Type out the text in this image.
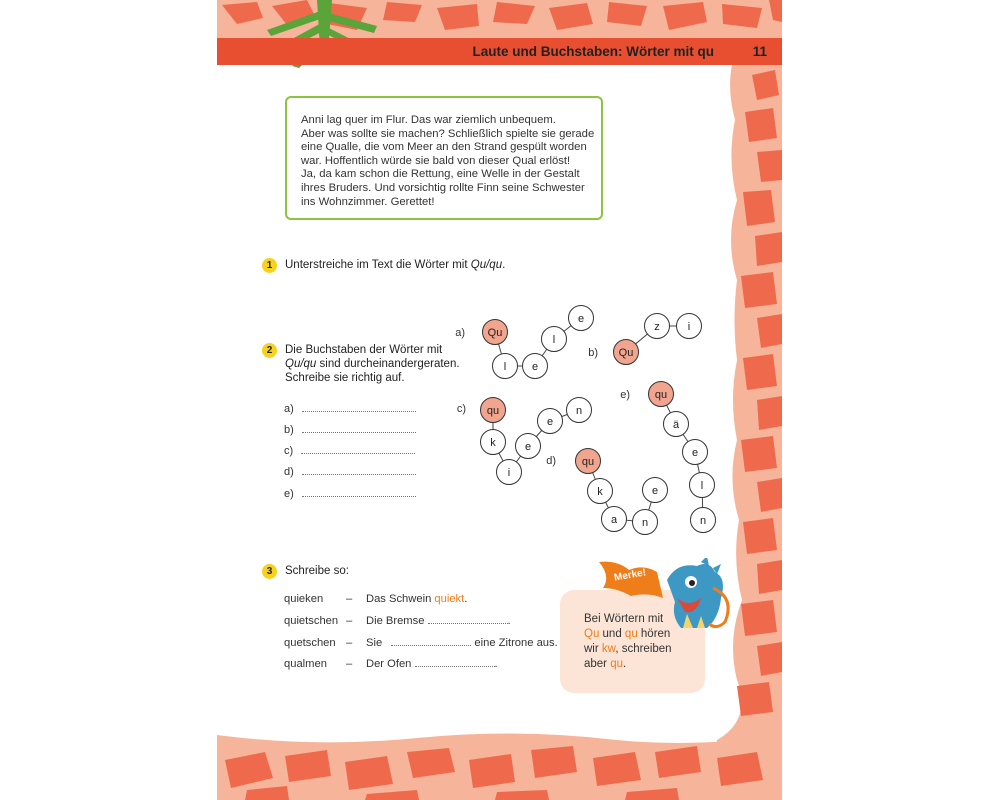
Laute und Buchstaben: Wörter mit qu	11

Anni lag quer im Flur. Das war ziemlich unbequem.

Aber was sollte sie machen? Schließlich spielte sie gerade

eine Qualle, die vom Meer an den Strand gespült worden

war. Hoffentlich würde sie bald von dieser Qual erlöst!

Ja, da kam schon die Rettung, eine Welle in der Gestalt

ihres Bruders. Und vorsichtig rollte Finn seine Schwester

ins Wohnzimmer. Gerettet!

1	Unterstreiche im Text die Wörter mit Qu/qu.
2	Die Buchstaben der Wörter mit
Qu/qu sind durcheinandergeraten.
Schreibe sie richtig auf.
a)
b)
c)
d)
e)
a) Qu
l e
l
e
b) Qu
z	i
c) qu
k
i
e
e
n
d) qu
k
a n
e
e) qu
ä
e
l
n
3	Schreibe so:
quieken – Das Schwein quiekt.
quietschen – Die Bremse	.
quetschen – Sie	eine Zitrone aus.
qualmen – Der Ofen	.

Bei Wörtern mit

Qu und qu hören

wir kw, schreiben

aber qu.

Merke!
